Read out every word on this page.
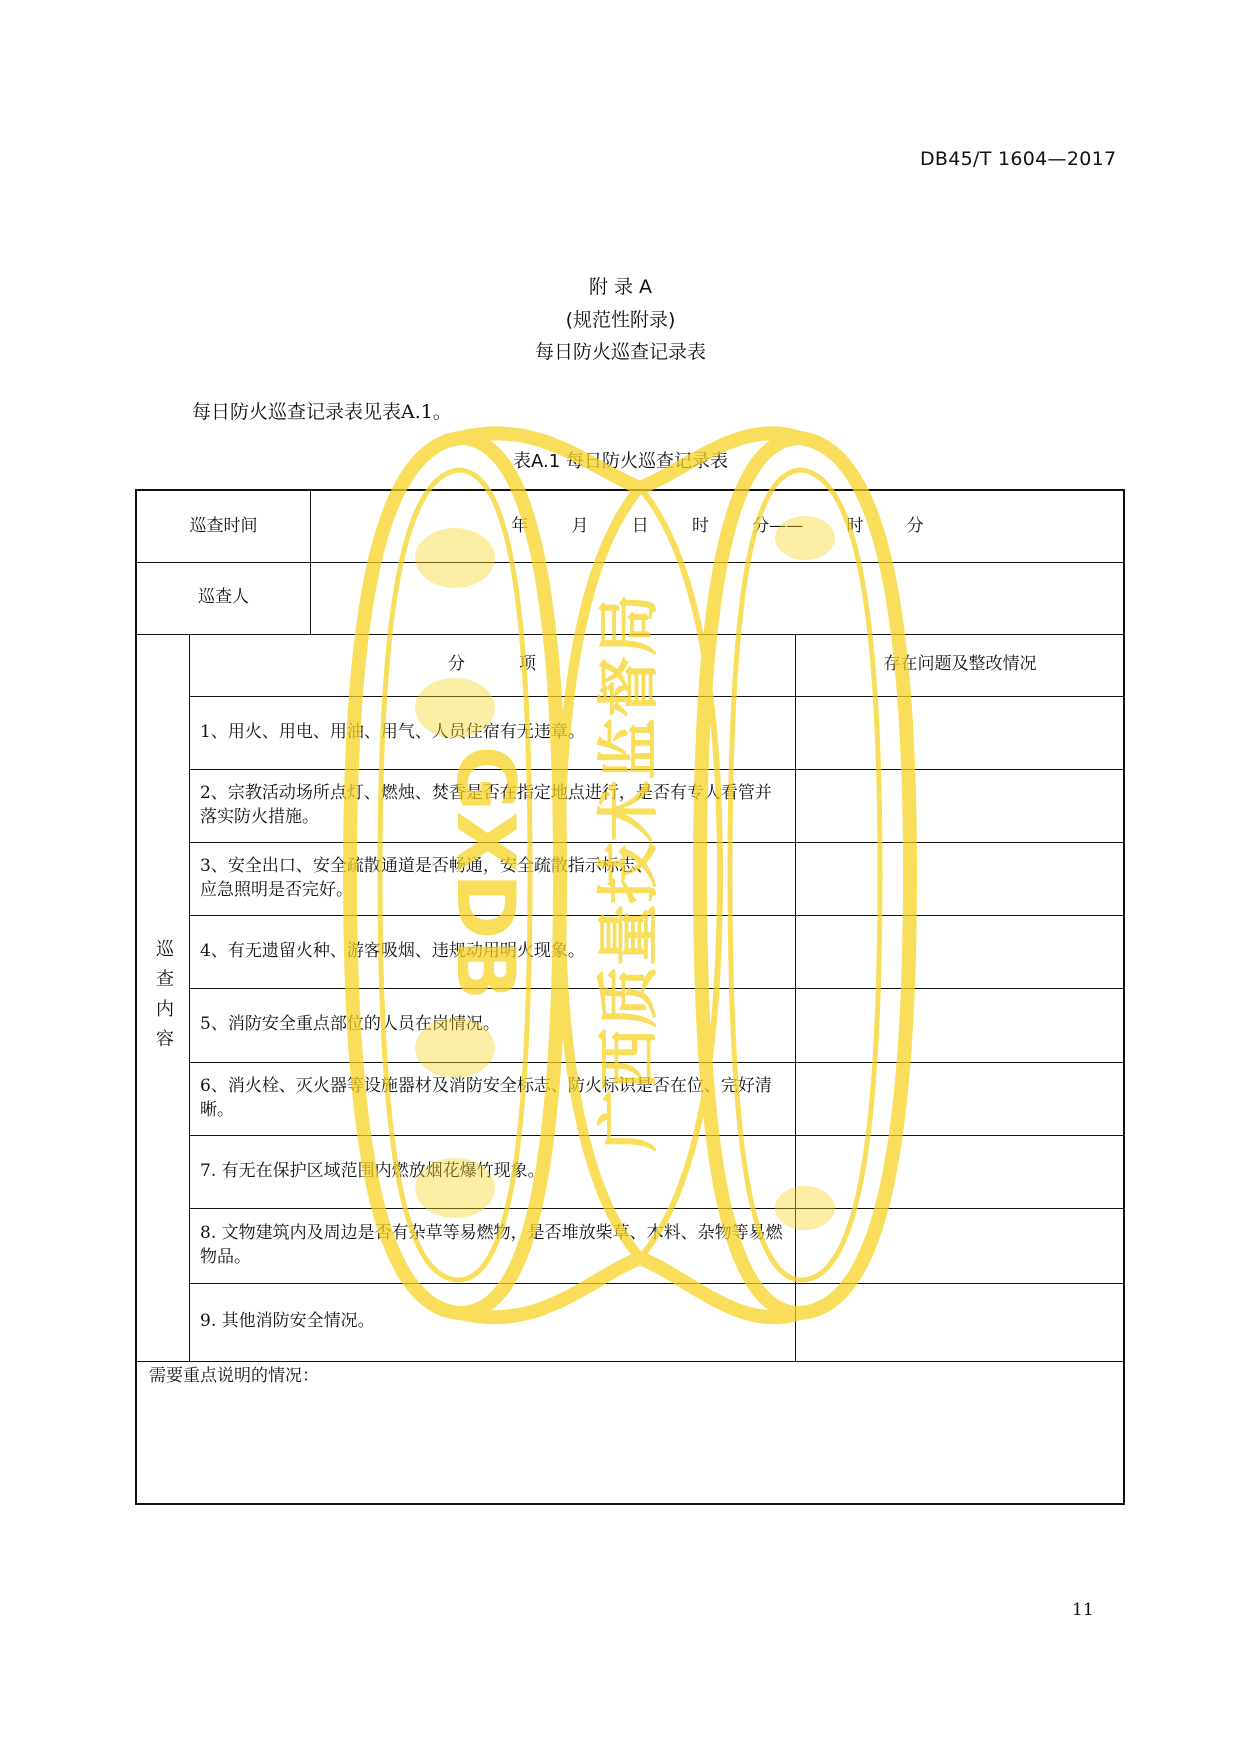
DB45/T 1604—2017
附 录 A
(规范性附录)
每日防火巡查记录表
每日防火巡查记录表见表A.1。
表A.1 每日防火巡查记录表
巡查时间	年        月        日        时        分——        时        分
巡查人
巡查内容
分          项	存在问题及整改情况
1、用火、用电、用油、用气、人员住宿有无违章。
2、宗教活动场所点灯、燃烛、焚香是否在指定地点进行，是否有专人看管并落实防火措施。
3、安全出口、安全疏散通道是否畅通，安全疏散指示标志、应急照明是否完好。
4、有无遗留火种、游客吸烟、违规动用明火现象。
5、消防安全重点部位的人员在岗情况。
6、消火栓、灭火器等设施器材及消防安全标志、防火标识是否在位、完好清晰。
7. 有无在保护区域范围内燃放烟花爆竹现象。
8. 文物建筑内及周边是否有杂草等易燃物，是否堆放柴草、木料、杂物等易燃物品。
9. 其他消防安全情况。
需要重点说明的情况：
GXDB 广西质量技术监督局
11
